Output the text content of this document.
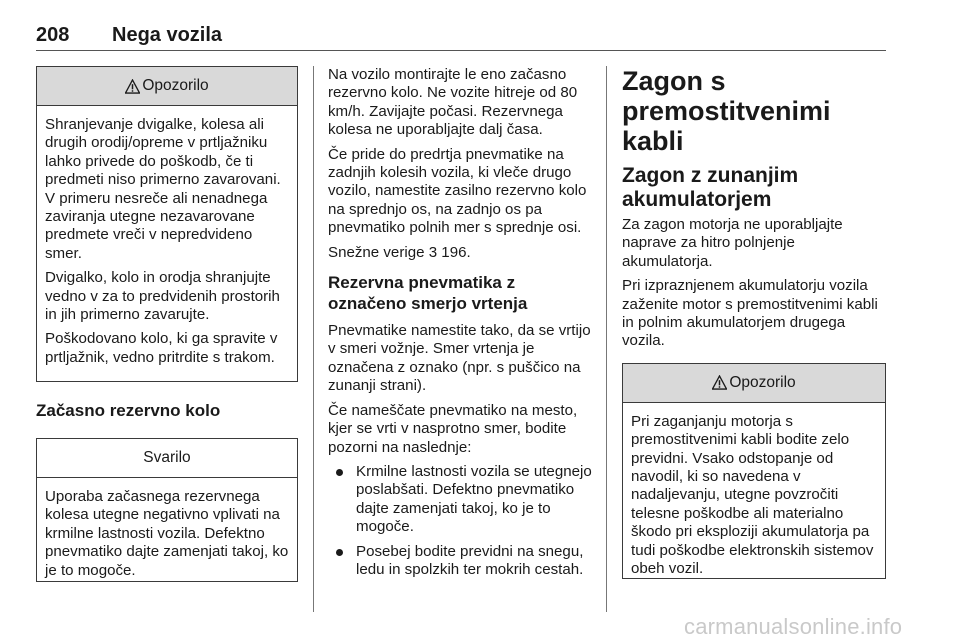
208 Nega vozila
Opozorilo

Shranjevanje dvigalke, kolesa ali drugih orodij/opreme v prtljažniku lahko privede do poškodb, če ti predmeti niso primerno zavarovani. V primeru nesreče ali nenadnega zaviranja utegne nezavarovane predmete vreči v nepredvideno smer.

Dvigalko, kolo in orodja shranjujte vedno v za to predvidenih prostorih in jih primerno zavarujte.

Poškodovano kolo, ki ga spravite v prtljažnik, vedno pritrdite s trakom.

Začasno rezervno kolo
Svarilo

Uporaba začasnega rezervnega kolesa utegne negativno vplivati na krmilne lastnosti vozila. Defektno pnevmatiko dajte zamenjati takoj, ko je to mogoče.

Na vozilo montirajte le eno začasno rezervno kolo. Ne vozite hitreje od 80 km/h. Zavijajte počasi. Rezervnega kolesa ne uporabljajte dalj časa.

Če pride do predrtja pnevmatike na zadnjih kolesih vozila, ki vleče drugo vozilo, namestite zasilno rezervno kolo na sprednjo os, na zadnjo os pa pnevmatiko polnih mer s sprednje osi.

Snežne verige 3 196.

Rezervna pnevmatika z označeno smerjo vrtenja

Pnevmatike namestite tako, da se vrtijo v smeri vožnje. Smer vrtenja je označena z oznako (npr. s puščico na zunanji strani).

Če nameščate pnevmatiko na mesto, kjer se vrti v nasprotno smer, bodite pozorni na naslednje:

Krmilne lastnosti vozila se utegnejo poslabšati. Defektno pnevmatiko dajte zamenjati takoj, ko je to mogoče.
Posebej bodite previdni na snegu, ledu in spolzkih ter mokrih cestah.
Zagon s premostitvenimi kabli
Zagon z zunanjim akumulatorjem

Za zagon motorja ne uporabljajte naprave za hitro polnjenje akumulatorja.

Pri izpraznjenem akumulatorju vozila zaženite motor s premostitvenimi kabli in polnim akumulatorjem drugega vozila.

Opozorilo

Pri zaganjanju motorja s premostitvenimi kabli bodite zelo previdni. Vsako odstopanje od navodil, ki so navedena v nadaljevanju, utegne povzročiti telesne poškodbe ali materialno škodo pri eksploziji akumulatorja pa tudi poškodbe elektronskih sistemov obeh vozil.

carmanualsonline.info
